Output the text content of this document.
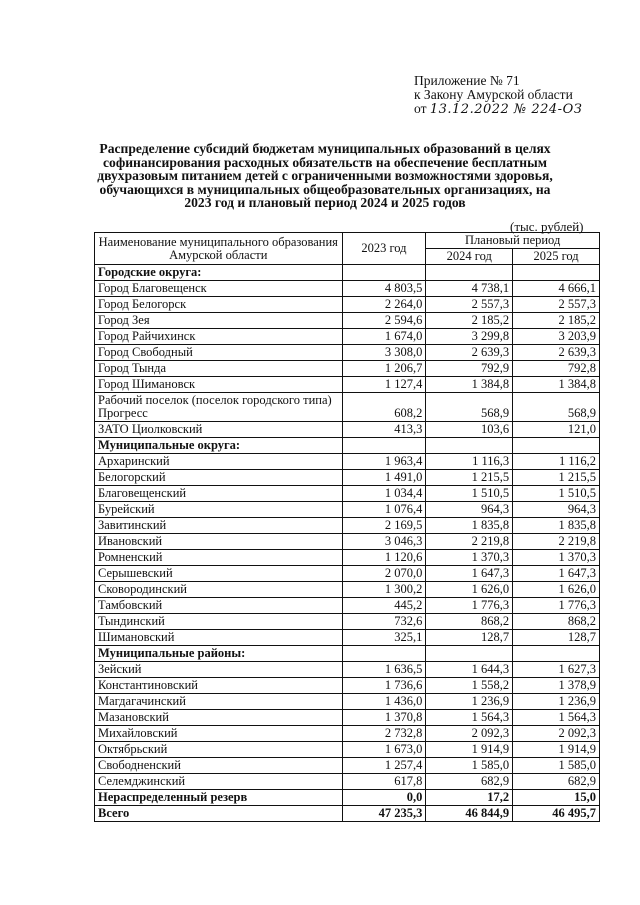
Приложение № 71
к Закону Амурской области
от 13.12.2022 № 224-ОЗ
Распределение субсидий бюджетам муниципальных образований в целях софинансирования расходных обязательств на обеспечение бесплатным двухразовым питанием детей с ограниченными возможностями здоровья, обучающихся в муниципальных общеобразовательных организациях, на 2023 год и плановый период 2024 и 2025 годов
(тыс. рублей)
Наименование муниципального образования Амурской области	2023 год	Плановый период	
		2024 год	2025 год
Городские округа:			
Город Благовещенск	4 803,5	4 738,1	4 666,1
Город Белогорск	2 264,0	2 557,3	2 557,3
Город Зея	2 594,6	2 185,2	2 185,2
Город Райчихинск	1 674,0	3 299,8	3 203,9
Город Свободный	3 308,0	2 639,3	2 639,3
Город Тында	1 206,7	792,9	792,8
Город Шимановск	1 127,4	1 384,8	1 384,8
Рабочий поселок (поселок городского типа) Прогресс	608,2	568,9	568,9
ЗАТО Циолковский	413,3	103,6	121,0
Муниципальные округа:			
Архаринский	1 963,4	1 116,3	1 116,2
Белогорский	1 491,0	1 215,5	1 215,5
Благовещенский	1 034,4	1 510,5	1 510,5
Бурейский	1 076,4	964,3	964,3
Завитинский	2 169,5	1 835,8	1 835,8
Ивановский	3 046,3	2 219,8	2 219,8
Ромненский	1 120,6	1 370,3	1 370,3
Серышевский	2 070,0	1 647,3	1 647,3
Сковородинский	1 300,2	1 626,0	1 626,0
Тамбовский	445,2	1 776,3	1 776,3
Тындинский	732,6	868,2	868,2
Шимановский	325,1	128,7	128,7
Муниципальные районы:			
Зейский	1 636,5	1 644,3	1 627,3
Константиновский	1 736,6	1 558,2	1 378,9
Магдагачинский	1 436,0	1 236,9	1 236,9
Мазановский	1 370,8	1 564,3	1 564,3
Михайловский	2 732,8	2 092,3	2 092,3
Октябрьский	1 673,0	1 914,9	1 914,9
Свободненский	1 257,4	1 585,0	1 585,0
Селемджинский	617,8	682,9	682,9
Нераспределенный резерв	0,0	17,2	15,0
Всего	47 235,3	46 844,9	46 495,7
